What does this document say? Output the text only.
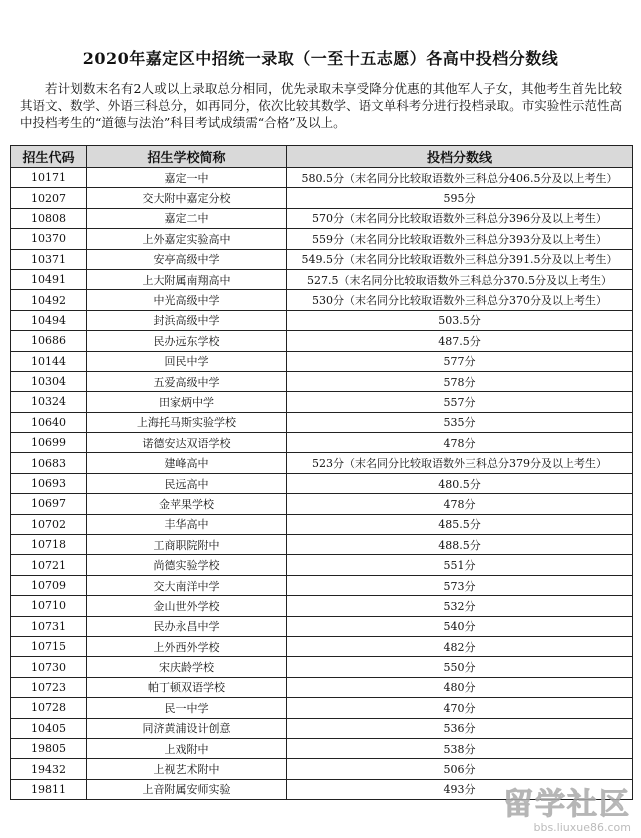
2020年嘉定区中招统一录取（一至十五志愿）各高中投档分数线
若计划数末名有2人或以上录取总分相同，优先录取未享受降分优惠的其他军人子女，其他考生首先比较其语文、数学、外语三科总分，如再同分，依次比较其数学、语文单科考分进行投档录取。市实验性示范性高中投档考生的“道德与法治”科目考试成绩需“合格”及以上。
招生代码	招生学校简称	投档分数线
10171	嘉定一中	580.5分（末名同分比较取语数外三科总分406.5分及以上考生）
10207	交大附中嘉定分校	595分
10808	嘉定二中	570分（末名同分比较取语数外三科总分396分及以上考生）
10370	上外嘉定实验高中	559分（末名同分比较取语数外三科总分393分及以上考生）
10371	安亭高级中学	549.5分（末名同分比较取语数外三科总分391.5分及以上考生）
10491	上大附属南翔高中	527.5（末名同分比较取语数外三科总分370.5分及以上考生）
10492	中光高级中学	530分（末名同分比较取语数外三科总分370分及以上考生）
10494	封浜高级中学	503.5分
10686	民办远东学校	487.5分
10144	回民中学	577分
10304	五爱高级中学	578分
10324	田家炳中学	557分
10640	上海托马斯实验学校	535分
10699	诺德安达双语学校	478分
10683	建峰高中	523分（末名同分比较取语数外三科总分379分及以上考生）
10693	民远高中	480.5分
10697	金苹果学校	478分
10702	丰华高中	485.5分
10718	工商职院附中	488.5分
10721	尚德实验学校	551分
10709	交大南洋中学	573分
10710	金山世外学校	532分
10731	民办永昌中学	540分
10715	上外西外学校	482分
10730	宋庆龄学校	550分
10723	帕丁顿双语学校	480分
10728	民一中学	470分
10405	同济黄浦设计创意	536分
19805	上戏附中	538分
19432	上视艺术附中	506分
19811	上音附属安师实验	493分 留学社区
bbs.liuxue86.com
